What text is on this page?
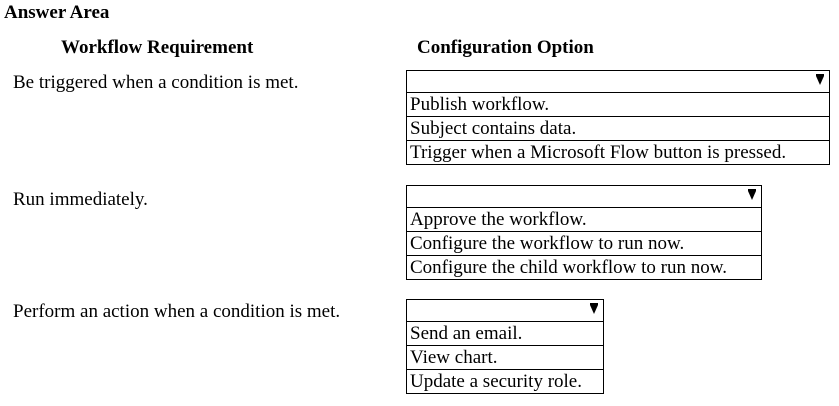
Answer Area
Workflow Requirement	Configuration Option
Be triggered when a condition is met.
Publish workflow.
Subject contains data.
Trigger when a Microsoft Flow button is pressed.
Run immediately.
Approve the workflow.
Configure the workflow to run now.
Configure the child workflow to run now.
Perform an action when a condition is met.
Send an email.
View chart.
Update a security role.
